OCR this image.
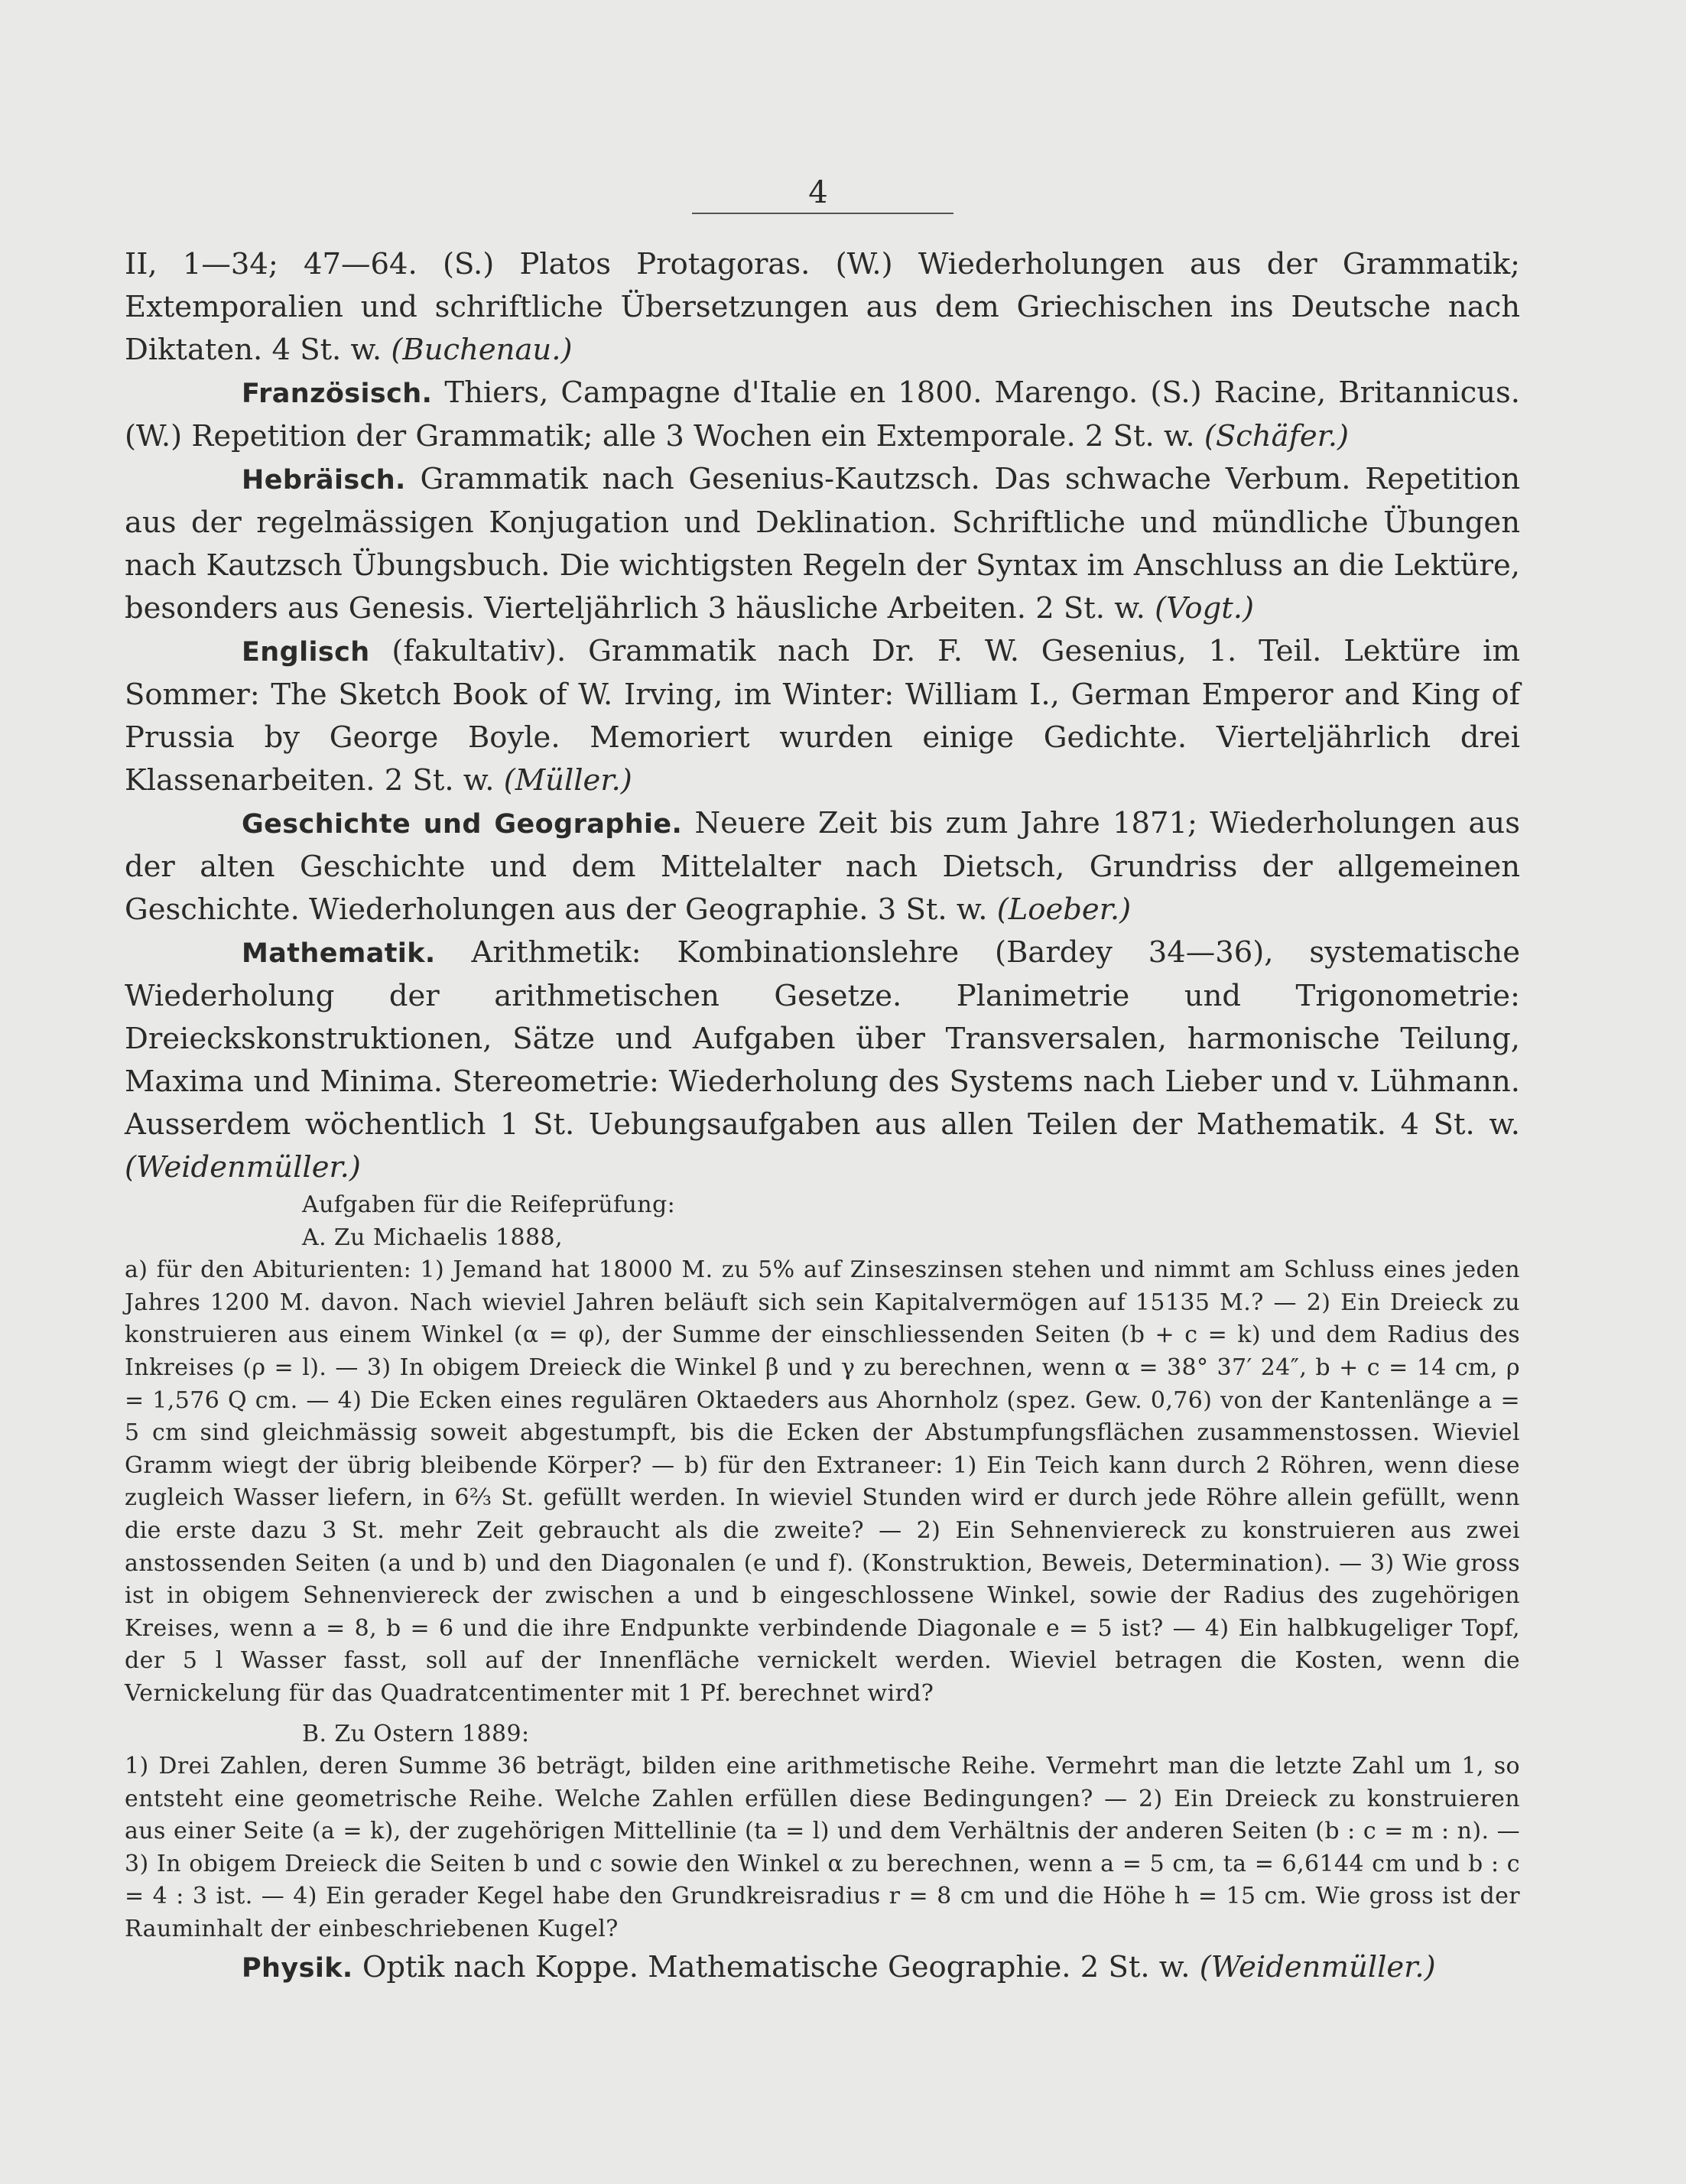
4

II, 1—34; 47—64. (S.) Platos Protagoras. (W.) Wiederholungen aus der Grammatik; Extemporalien und schriftliche Übersetzungen aus dem Griechischen ins Deutsche nach Diktaten. 4 St. w. (Buchenau.)

Französisch. Thiers, Campagne d'Italie en 1800. Marengo. (S.) Racine, Britannicus. (W.) Repetition der Grammatik; alle 3 Wochen ein Extemporale. 2 St. w. (Schäfer.)

Hebräisch. Grammatik nach Gesenius-Kautzsch. Das schwache Verbum. Repetition aus der regelmässigen Konjugation und Deklination. Schriftliche und mündliche Übungen nach Kautzsch Übungsbuch. Die wichtigsten Regeln der Syntax im Anschluss an die Lektüre, besonders aus Genesis. Vierteljährlich 3 häusliche Arbeiten. 2 St. w. (Vogt.)

Englisch (fakultativ). Grammatik nach Dr. F. W. Gesenius, 1. Teil. Lektüre im Sommer: The Sketch Book of W. Irving, im Winter: William I., German Emperor and King of Prussia by George Boyle. Memoriert wurden einige Gedichte. Vierteljährlich drei Klassenarbeiten. 2 St. w. (Müller.)

Geschichte und Geographie. Neuere Zeit bis zum Jahre 1871; Wiederholungen aus der alten Geschichte und dem Mittelalter nach Dietsch, Grundriss der allgemeinen Geschichte. Wiederholungen aus der Geographie. 3 St. w. (Loeber.)

Mathematik. Arithmetik: Kombinationslehre (Bardey 34—36), systematische Wiederholung der arithmetischen Gesetze. Planimetrie und Trigonometrie: Dreieckskonstruktionen, Sätze und Aufgaben über Transversalen, harmonische Teilung, Maxima und Minima. Stereometrie: Wiederholung des Systems nach Lieber und v. Lühmann. Ausserdem wöchentlich 1 St. Uebungsaufgaben aus allen Teilen der Mathematik. 4 St. w. (Weidenmüller.)

Aufgaben für die Reifeprüfung:

A. Zu Michaelis 1888,

a) für den Abiturienten: 1) Jemand hat 18000 M. zu 5% auf Zinseszinsen stehen und nimmt am Schluss eines jeden Jahres 1200 M. davon. Nach wieviel Jahren beläuft sich sein Kapitalvermögen auf 15135 M.? — 2) Ein Dreieck zu konstruieren aus einem Winkel (α = φ), der Summe der einschliessenden Seiten (b + c = k) und dem Radius des Inkreises (ρ = l). — 3) In obigem Dreieck die Winkel β und γ zu berechnen, wenn α = 38° 37′ 24″, b + c = 14 cm, ρ = 1,576 Q cm. — 4) Die Ecken eines regulären Oktaeders aus Ahornholz (spez. Gew. 0,76) von der Kantenlänge a = 5 cm sind gleichmässig soweit abgestumpft, bis die Ecken der Abstumpfungsflächen zusammenstossen. Wieviel Gramm wiegt der übrig bleibende Körper? — b) für den Extraneer: 1) Ein Teich kann durch 2 Röhren, wenn diese zugleich Wasser liefern, in 6⅔ St. gefüllt werden. In wieviel Stunden wird er durch jede Röhre allein gefüllt, wenn die erste dazu 3 St. mehr Zeit gebraucht als die zweite? — 2) Ein Sehnenviereck zu konstruieren aus zwei anstossenden Seiten (a und b) und den Diagonalen (e und f). (Konstruktion, Beweis, Determination). — 3) Wie gross ist in obigem Sehnenviereck der zwischen a und b eingeschlossene Winkel, sowie der Radius des zugehörigen Kreises, wenn a = 8, b = 6 und die ihre Endpunkte verbindende Diagonale e = 5 ist? — 4) Ein halbkugeliger Topf, der 5 l Wasser fasst, soll auf der Innenfläche vernickelt werden. Wieviel betragen die Kosten, wenn die Vernickelung für das Quadratcentimenter mit 1 Pf. berechnet wird?

B. Zu Ostern 1889:

1) Drei Zahlen, deren Summe 36 beträgt, bilden eine arithmetische Reihe. Vermehrt man die letzte Zahl um 1, so entsteht eine geometrische Reihe. Welche Zahlen erfüllen diese Bedingungen? — 2) Ein Dreieck zu konstruieren aus einer Seite (a = k), der zugehörigen Mittellinie (ta = l) und dem Verhältnis der anderen Seiten (b : c = m : n). — 3) In obigem Dreieck die Seiten b und c sowie den Winkel α zu berechnen, wenn a = 5 cm, ta = 6,6144 cm und b : c = 4 : 3 ist. — 4) Ein gerader Kegel habe den Grundkreisradius r = 8 cm und die Höhe h = 15 cm. Wie gross ist der Rauminhalt der einbeschriebenen Kugel?

Physik. Optik nach Koppe. Mathematische Geographie. 2 St. w. (Weidenmüller.)
